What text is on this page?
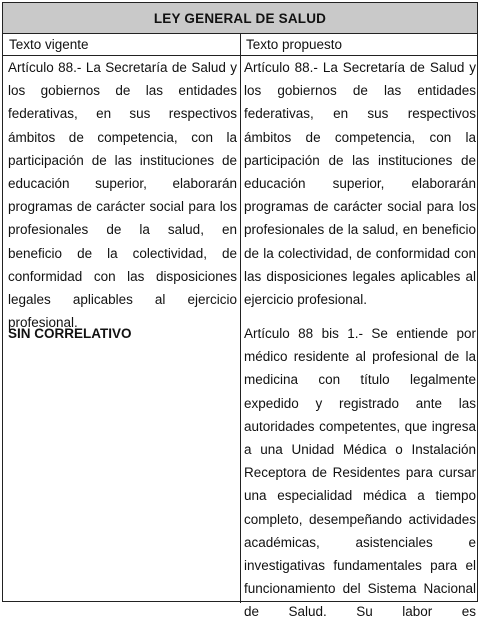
LEY GENERAL DE SALUD
Texto vigente	Texto propuesto
Artículo 88.- La Secretaría de Salud y los gobiernos de las entidades federativas, en sus respectivos ámbitos de competencia, con la participación de las instituciones de educación superior, elaborarán programas de carácter social para los profesionales de la salud, en beneficio de la colectividad, de conformidad con las disposiciones legales aplicables al ejercicio profesional.
Artículo 88.- La Secretaría de Salud y los gobiernos de las entidades federativas, en sus respectivos ámbitos de competencia, con la participación de las instituciones de educación superior, elaborarán programas de carácter social para los profesionales de la salud, en beneficio de la colectividad, de conformidad con las disposiciones legales aplicables al ejercicio profesional.
SIN CORRELATIVO	Artículo 88 bis 1.- Se entiende por médico residente al profesional de la medicina con título legalmente expedido y registrado ante las autoridades competentes, que ingresa a una Unidad Médica o Instalación Receptora de Residentes para cursar una especialidad médica a tiempo completo, desempeñando actividades académicas, asistenciales e investigativas fundamentales para el funcionamiento del Sistema Nacional de Salud. Su labor es
